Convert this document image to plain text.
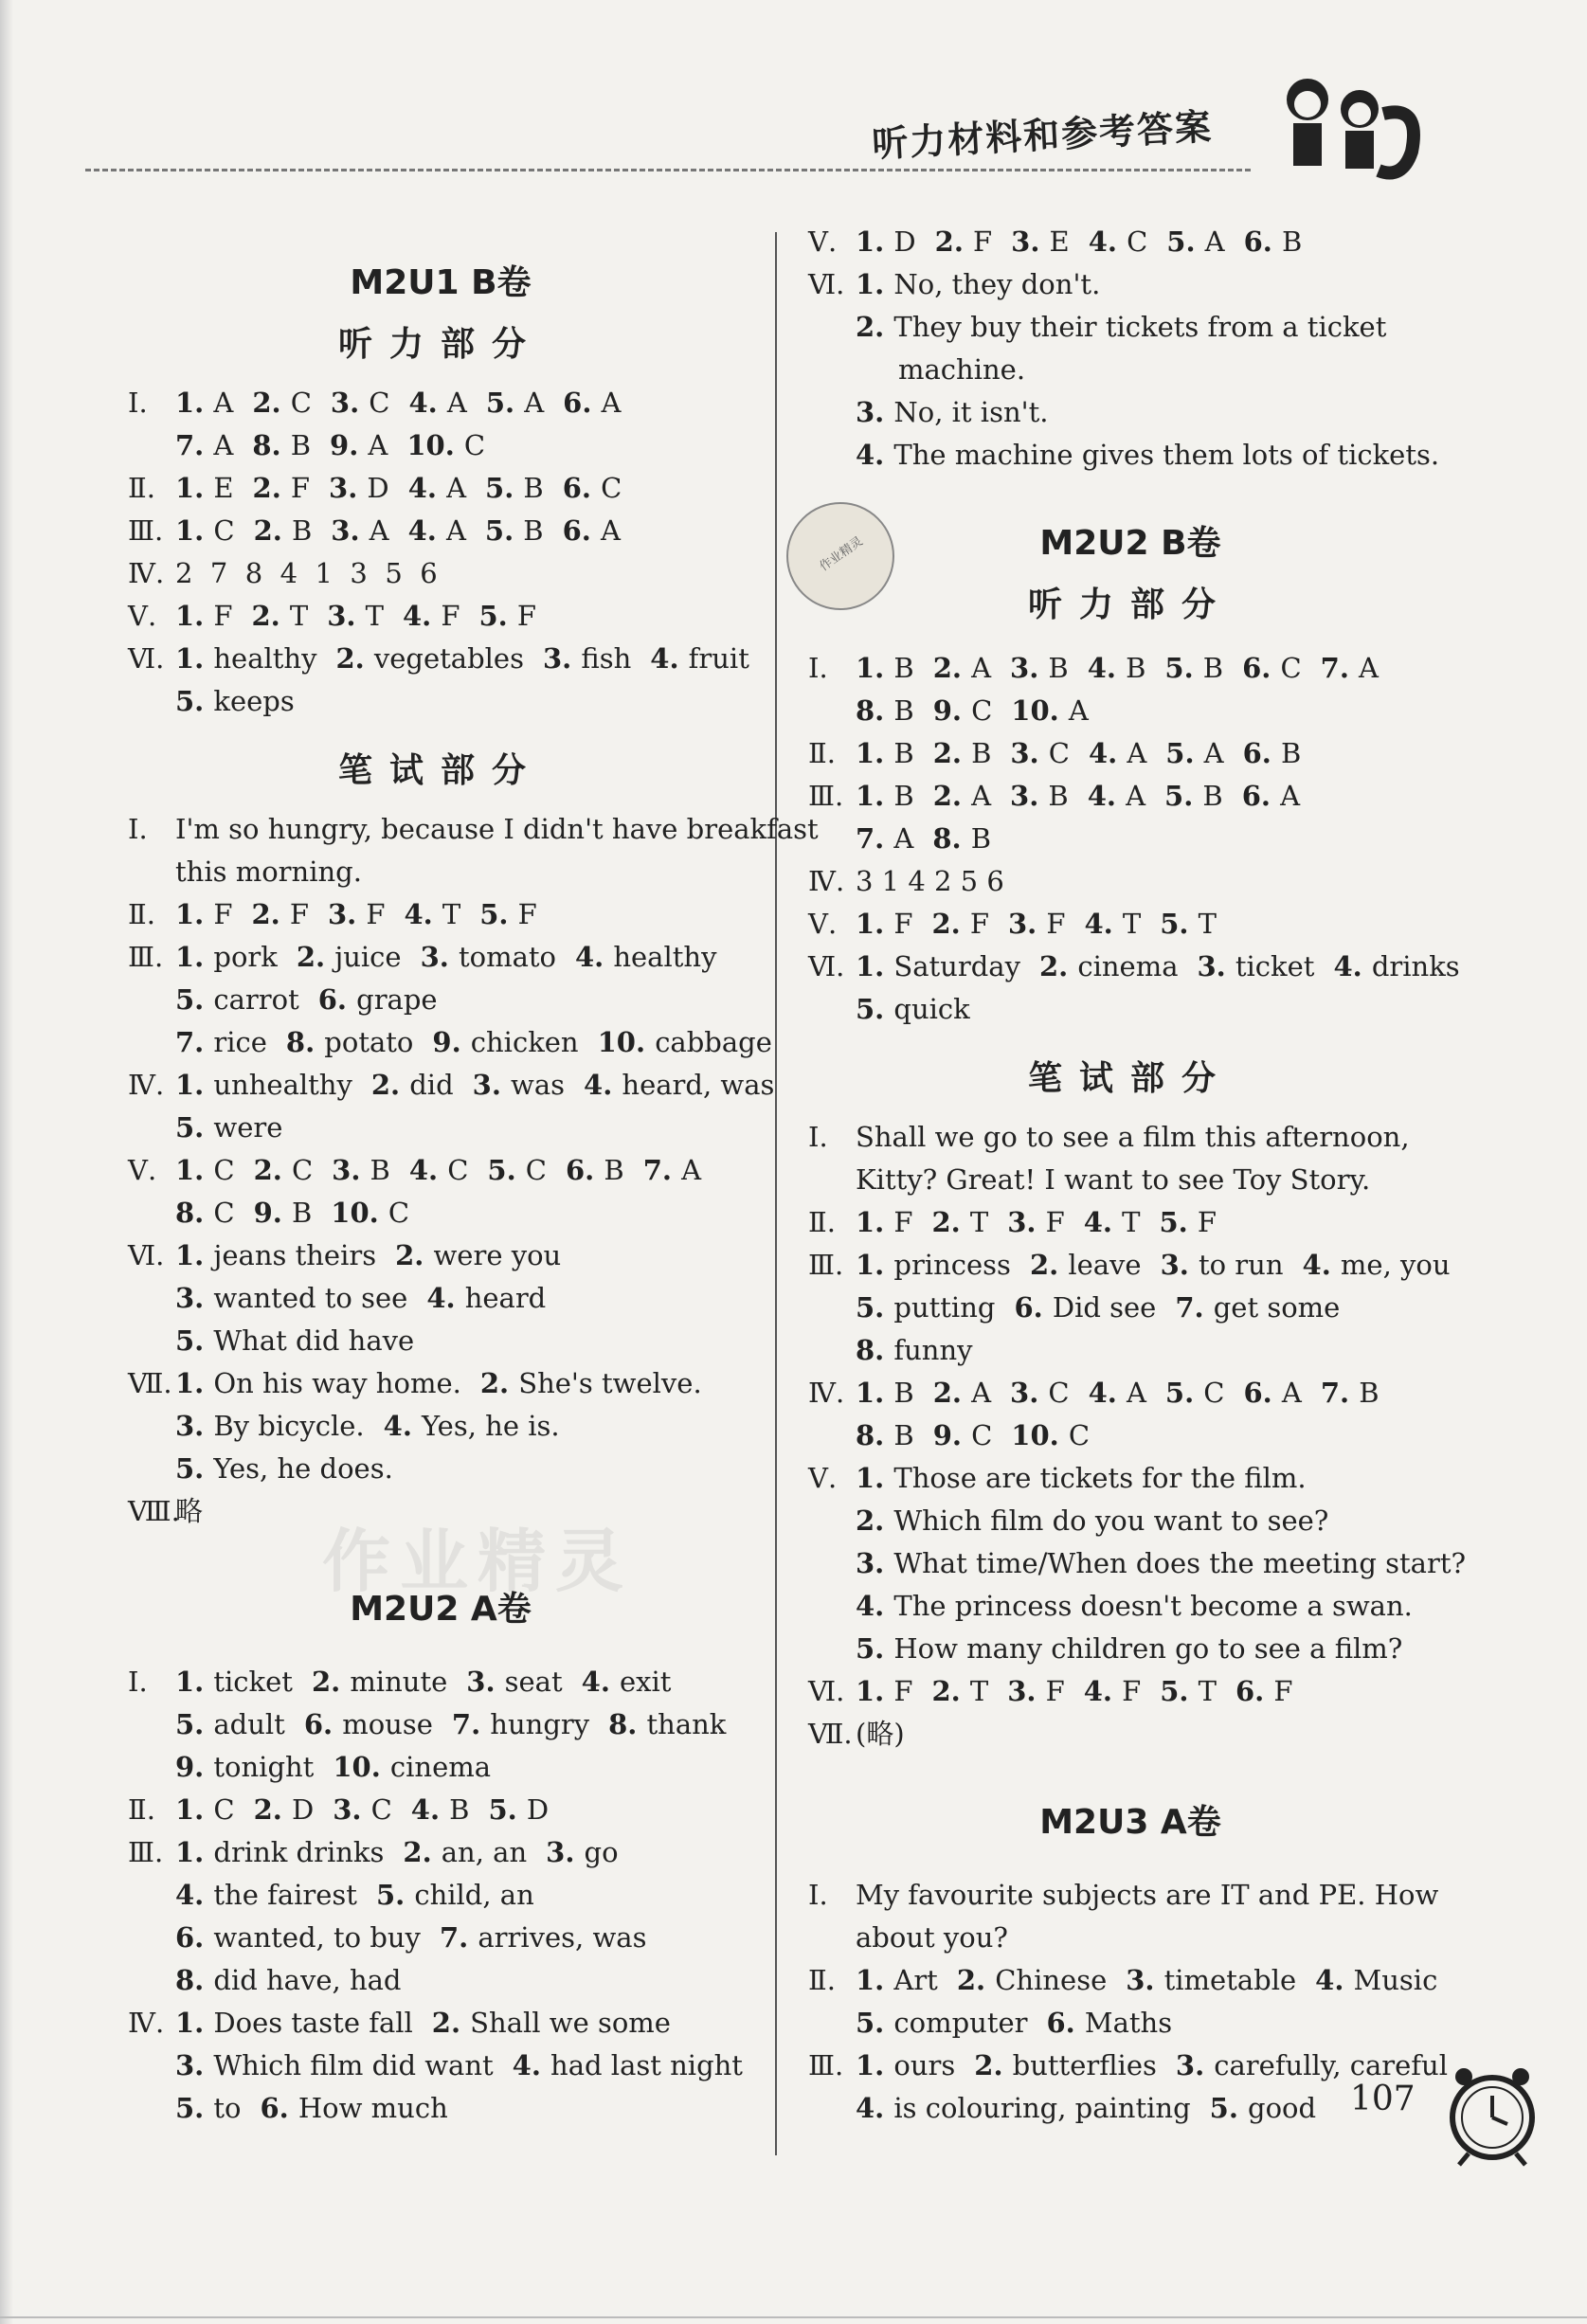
听力材料和参考答案
作业精灵
作业精灵
M2U1 B卷
听力部分
Ⅰ. 1. A 2. C 3. C 4. A 5. A 6. A
7. A 8. B 9. A 10. C
Ⅱ. 1. E 2. F 3. D 4. A 5. B 6. C
Ⅲ. 1. C 2. B 3. A 4. A 5. B 6. A
Ⅳ. 2  7  8  4  1  3  5  6
Ⅴ. 1. F 2. T 3. T 4. F 5. F
Ⅵ. 1. healthy 2. vegetables 3. fish 4. fruit
5. keeps
笔试部分
Ⅰ. I'm so hungry, because I didn't have breakfast
this morning.
Ⅱ. 1. F 2. F 3. F 4. T 5. F
Ⅲ. 1. pork 2. juice 3. tomato 4. healthy
5. carrot 6. grape
7. rice 8. potato 9. chicken 10. cabbage
Ⅳ. 1. unhealthy 2. did 3. was 4. heard, was
5. were
Ⅴ. 1. C 2. C 3. B 4. C 5. C 6. B 7. A
8. C 9. B 10. C
Ⅵ. 1. jeans theirs 2. were you
3. wanted to see 4. heard
5. What did have
Ⅶ. 1. On his way home. 2. She's twelve.
3. By bicycle. 4. Yes, he is.
5. Yes, he does.
Ⅷ.
略
M2U2 A卷
Ⅰ. 1. ticket 2. minute 3. seat 4. exit
5. adult 6. mouse 7. hungry 8. thank
9. tonight 10. cinema
Ⅱ. 1. C 2. D 3. C 4. B 5. D
Ⅲ. 1. drink drinks 2. an, an 3. go
4. the fairest 5. child, an
6. wanted, to buy 7. arrives, was
8. did have, had
Ⅳ. 1. Does taste fall 2. Shall we some
3. Which film did want 4. had last night
5. to 6. How much
Ⅴ. 1. D 2. F 3. E 4. C 5. A 6. B
Ⅵ. 1. No, they don't.
2. They buy their tickets from a ticket
machine.
3. No, it isn't.
4. The machine gives them lots of tickets.
M2U2 B卷
听力部分
Ⅰ. 1. B 2. A 3. B 4. B 5. B 6. C 7. A
8. B 9. C 10. A
Ⅱ. 1. B 2. B 3. C 4. A 5. A 6. B
Ⅲ. 1. B 2. A 3. B 4. A 5. B 6. A
7. A 8. B
Ⅳ. 3 1 4 2 5 6
Ⅴ. 1. F 2. F 3. F 4. T 5. T
Ⅵ. 1. Saturday 2. cinema 3. ticket 4. drinks
5. quick
笔试部分
Ⅰ. Shall we go to see a film this afternoon,
Kitty? Great! I want to see Toy Story.
Ⅱ. 1. F 2. T 3. F 4. T 5. F
Ⅲ. 1. princess 2. leave 3. to run 4. me, you
5. putting 6. Did see 7. get some
8. funny
Ⅳ. 1. B 2. A 3. C 4. A 5. C 6. A 7. B
8. B 9. C 10. C
Ⅴ. 1. Those are tickets for the film.
2. Which film do you want to see?
3. What time/When does the meeting start?
4. The princess doesn't become a swan.
5. How many children go to see a film?
Ⅵ. 1. F 2. T 3. F 4. F 5. T 6. F
Ⅶ. (略)
M2U3 A卷
Ⅰ. My favourite subjects are IT and PE. How
about you?
Ⅱ. 1. Art 2. Chinese 3. timetable 4. Music
5. computer 6. Maths
Ⅲ. 1. ours 2. butterflies 3. carefully, careful
4. is colouring, painting 5. good 107
